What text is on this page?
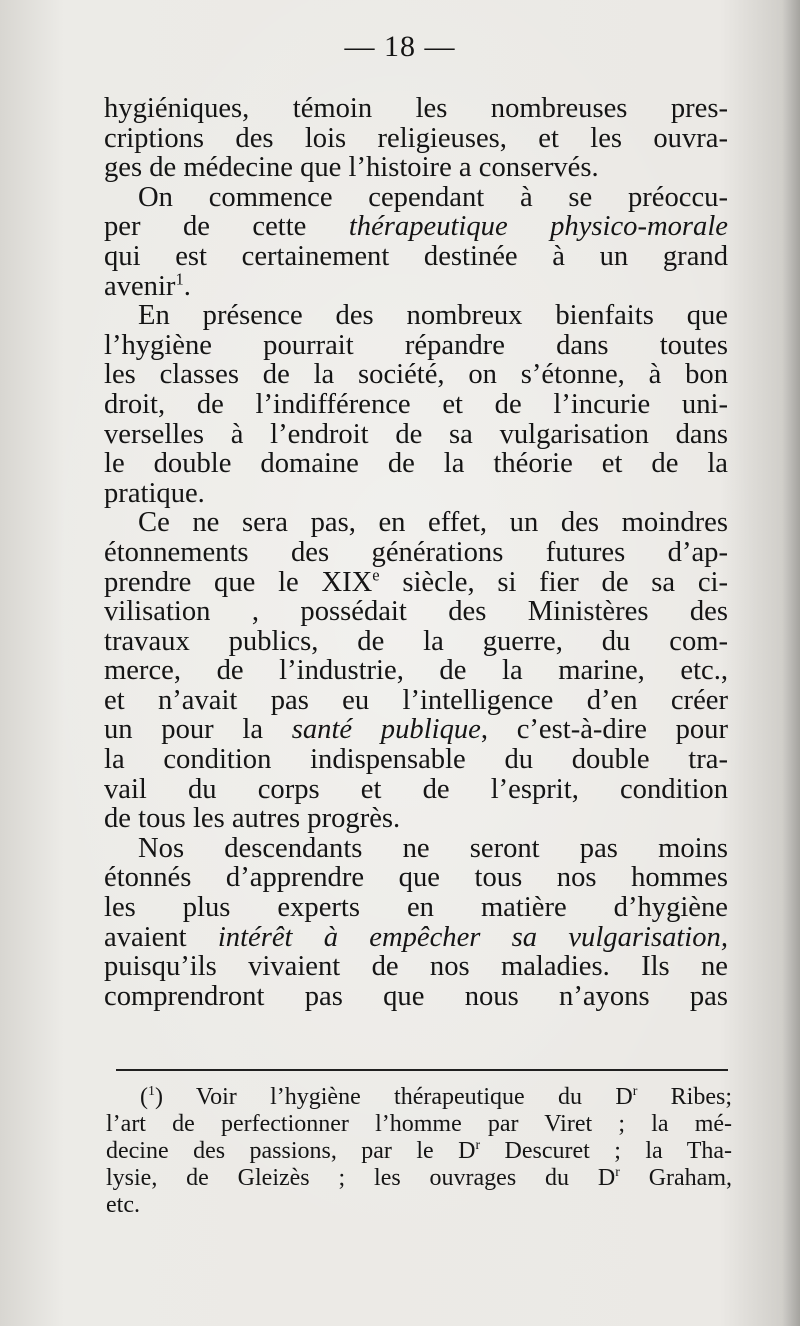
— 18 —
hygiéniques, témoin les nombreuses pres-
criptions des lois religieuses, et les ouvra-
ges de médecine que l’histoire a conservés.
On commence cependant à se préoccu-
per de cette thérapeutique physico-morale
qui est certainement destinée à un grand
avenir$^1$.
En présence des nombreux bienfaits que
l’hygiène pourrait répandre dans toutes
les classes de la société, on s’étonne, à bon
droit, de l’indifférence et de l’incurie uni-
verselles à l’endroit de sa vulgarisation dans
le double domaine de la théorie et de la
pratique.
Ce ne sera pas, en effet, un des moindres
étonnements des générations futures d’ap-
prendre que le XIXe siècle, si fier de sa ci-
vilisation , possédait des Ministères des
travaux publics, de la guerre, du com-
merce, de l’industrie, de la marine, etc.,
et n’avait pas eu l’intelligence d’en créer
un pour la santé publique, c’est-à-dire pour
la condition indispensable du double tra-
vail du corps et de l’esprit, condition
de tous les autres progrès.
Nos descendants ne seront pas moins
étonnés d’apprendre que tous nos hommes
les plus experts en matière d’hygiène
avaient intérêt à empêcher sa vulgarisation,
puisqu’ils vivaient de nos maladies. Ils ne
comprendront pas que nous n’ayons pas
($^1$) Voir l’hygiène thérapeutique du $D^r$ Ribes;
l’art de perfectionner l’homme par Viret ; la mé-
decine des passions, par le $D^r$ Descuret ; la Tha-
lysie, de Gleizès ; les ouvrages du $D^r$ Graham,
etc.
